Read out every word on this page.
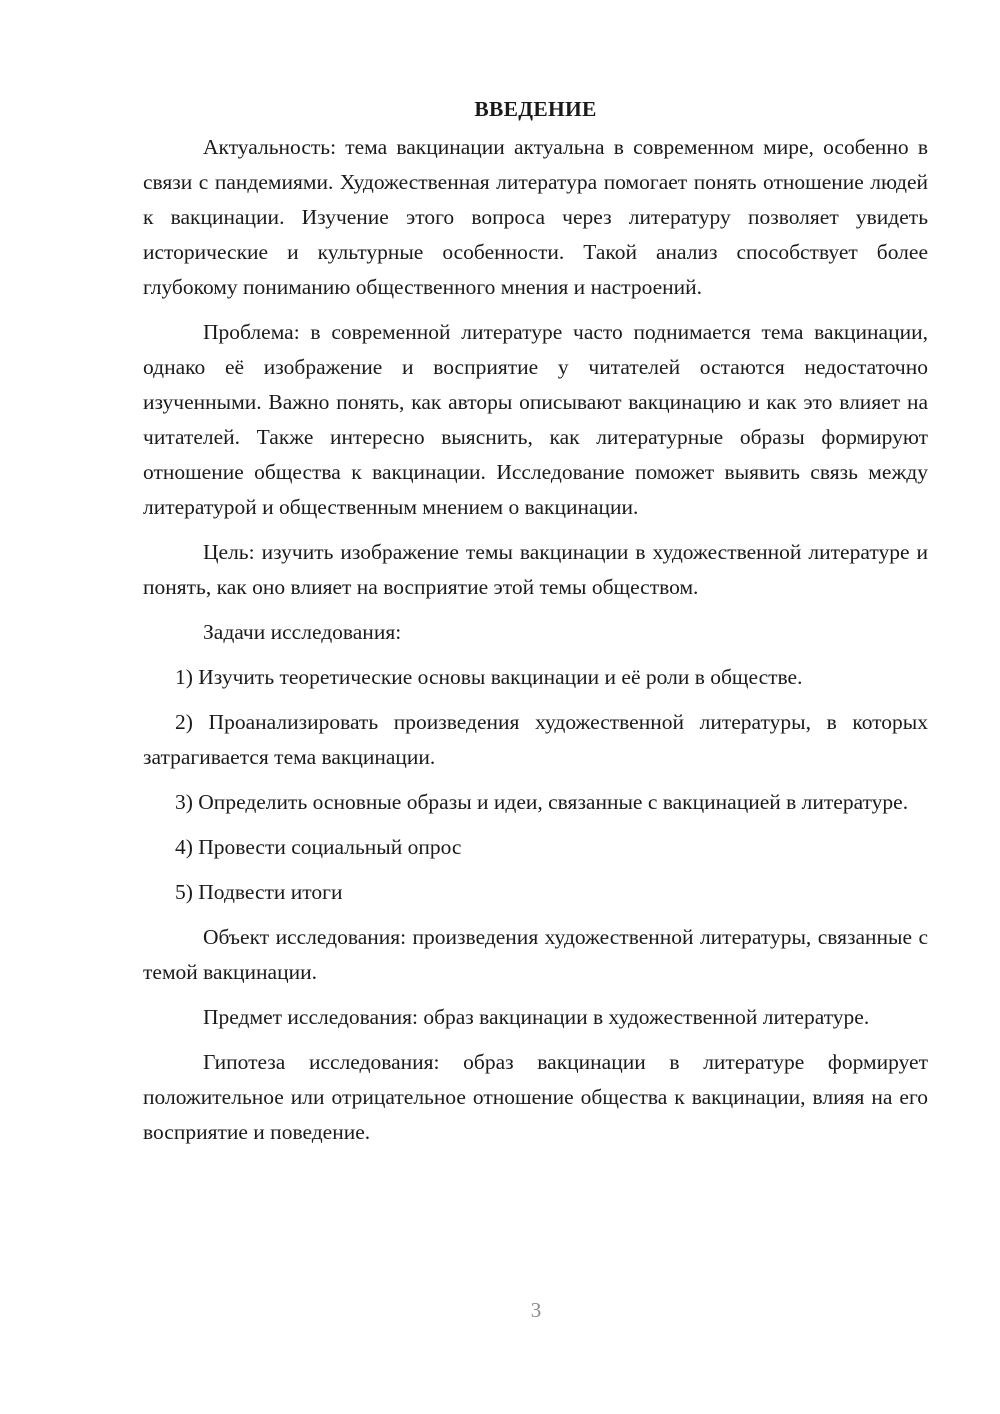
ВВЕДЕНИЕ

Актуальность: тема вакцинации актуальна в современном мире, особенно в связи с пандемиями. Художественная литература помогает понять отношение людей к вакцинации. Изучение этого вопроса через литературу позволяет увидеть исторические и культурные особенности. Такой анализ способствует более глубокому пониманию общественного мнения и настроений.

Проблема: в современной литературе часто поднимается тема вакцинации, однако её изображение и восприятие у читателей остаются недостаточно изученными. Важно понять, как авторы описывают вакцинацию и как это влияет на читателей. Также интересно выяснить, как литературные образы формируют отношение общества к вакцинации. Исследование поможет выявить связь между литературой и общественным мнением о вакцинации.

Цель: изучить изображение темы вакцинации в художественной литературе и понять, как оно влияет на восприятие этой темы обществом.

Задачи исследования:

1) Изучить теоретические основы вакцинации и её роли в обществе.

2) Проанализировать произведения художественной литературы, в которых затрагивается тема вакцинации.

3) Определить основные образы и идеи, связанные с вакцинацией в литературе.

4) Провести социальный опрос

5) Подвести итоги

Объект исследования: произведения художественной литературы, связанные с темой вакцинации.

Предмет исследования: образ вакцинации в художественной литературе.

Гипотеза исследования: образ вакцинации в литературе формирует положительное или отрицательное отношение общества к вакцинации, влияя на его восприятие и поведение.

3
